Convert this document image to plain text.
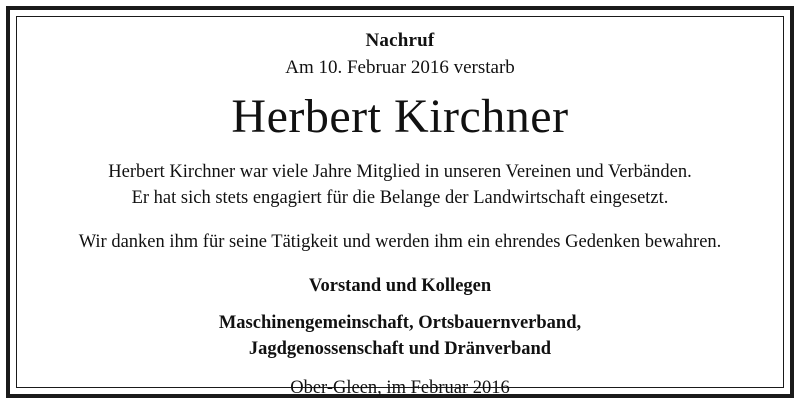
Nachruf
Am 10. Februar 2016 verstarb
Herbert Kirchner
Herbert Kirchner war viele Jahre Mitglied in unseren Vereinen und Verbänden.
Er hat sich stets engagiert für die Belange der Landwirtschaft eingesetzt.
Wir danken ihm für seine Tätigkeit und werden ihm ein ehrendes Gedenken bewahren.
Vorstand und Kollegen
Maschinengemeinschaft, Ortsbauernverband,
Jagdgenossenschaft und Dränverband
Ober-Gleen, im Februar 2016
